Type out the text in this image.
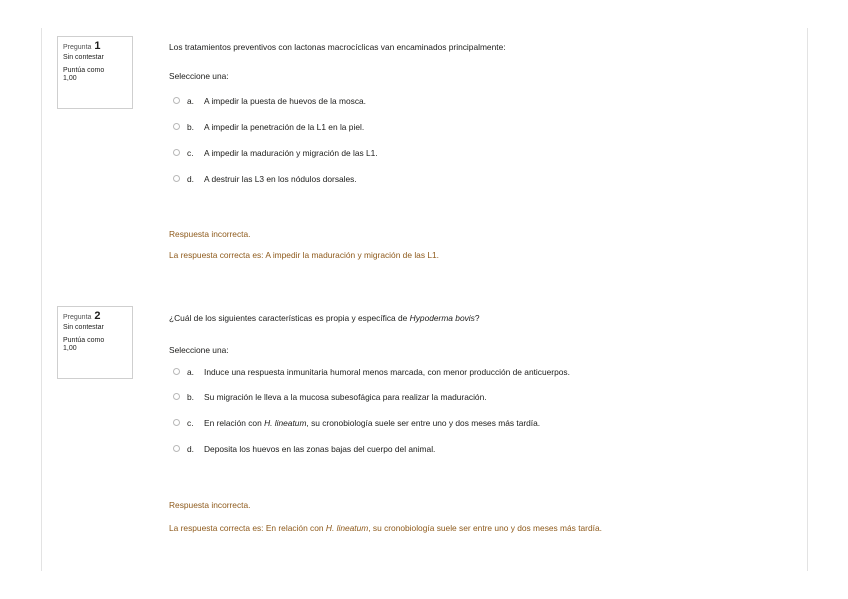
Pregunta 1
Sin contestar
Puntúa como
1,00
Los tratamientos preventivos con lactonas macrocíclicas van encaminados principalmente:
Seleccione una:
a. A impedir la puesta de huevos de la mosca.
b. A impedir la penetración de la L1 en la piel.
c. A impedir la maduración y migración de las L1.
d. A destruir las L3 en los nódulos dorsales.
Respuesta incorrecta.
La respuesta correcta es: A impedir la maduración y migración de las L1.
Pregunta 2
Sin contestar
Puntúa como
1,00
¿Cuál de los siguientes características es propia y específica de Hypoderma bovis?
Seleccione una:
a. Induce una respuesta inmunitaria humoral menos marcada, con menor producción de anticuerpos.
b. Su migración le lleva a la mucosa subesofágica para realizar la maduración.
c. En relación con H. lineatum, su cronobiología suele ser entre uno y dos meses más tardía.
d. Deposita los huevos en las zonas bajas del cuerpo del animal.
Respuesta incorrecta.
La respuesta correcta es: En relación con H. lineatum, su cronobiología suele ser entre uno y dos meses más tardía.
